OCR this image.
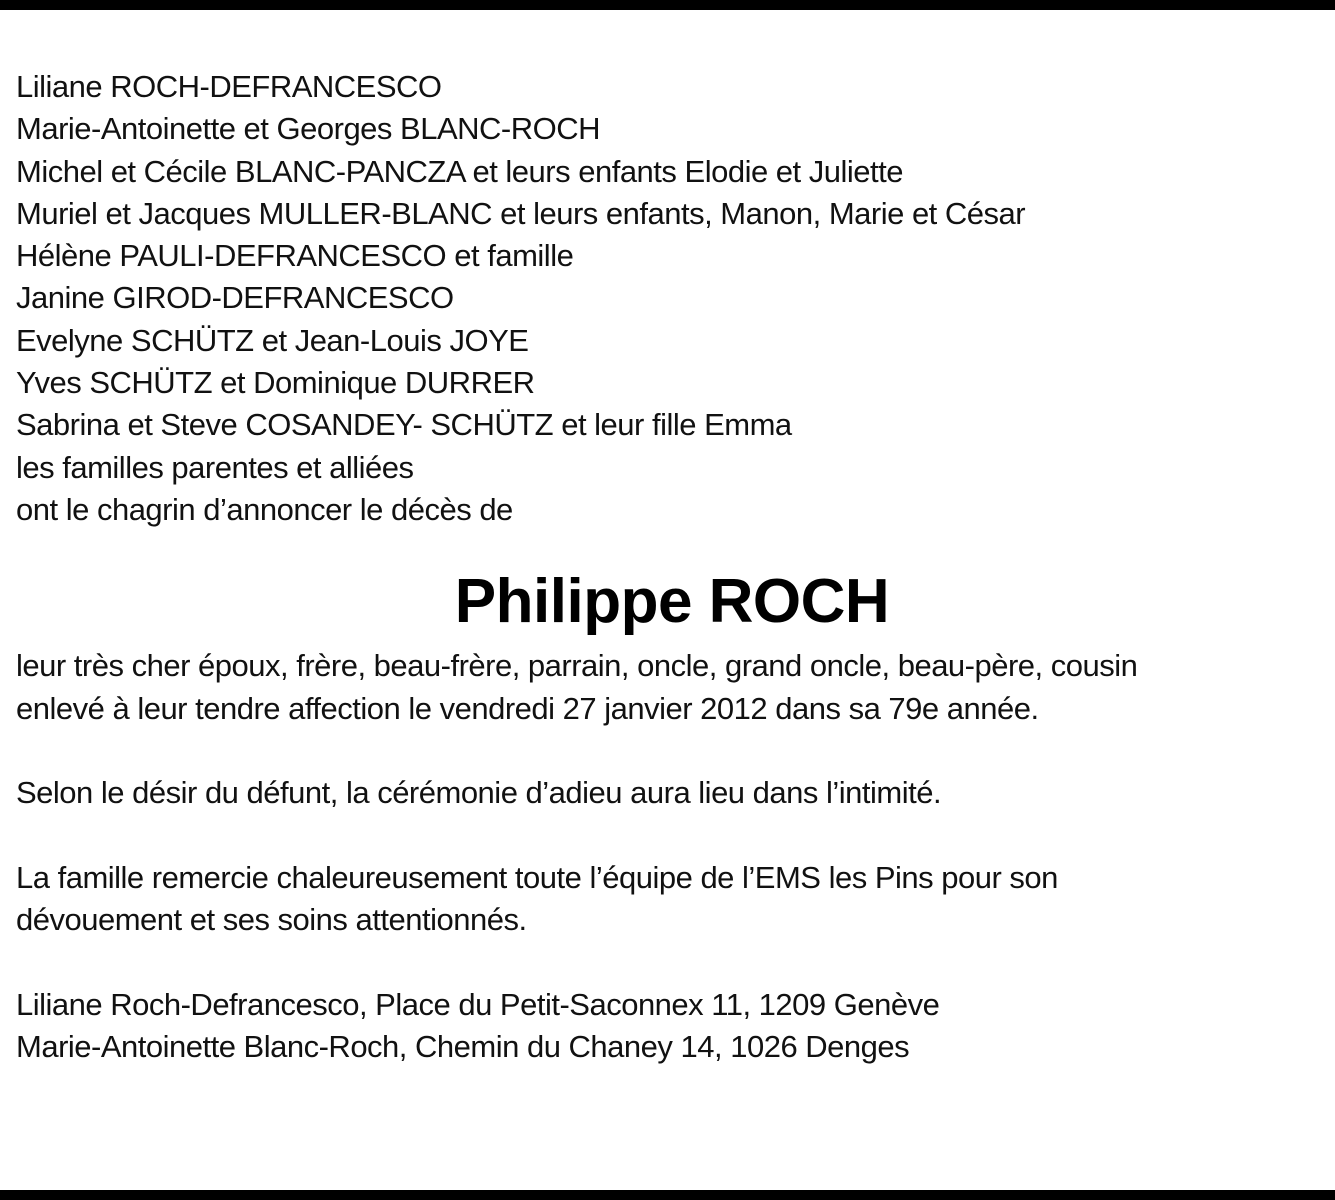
Liliane ROCH-DEFRANCESCO
Marie-Antoinette et Georges BLANC-ROCH
Michel et Cécile BLANC-PANCZA et leurs enfants Elodie et Juliette
Muriel et Jacques MULLER-BLANC et leurs enfants, Manon, Marie et César
Hélène PAULI-DEFRANCESCO et famille
Janine GIROD-DEFRANCESCO
Evelyne SCHÜTZ et Jean-Louis JOYE
Yves SCHÜTZ et Dominique DURRER
Sabrina et Steve COSANDEY- SCHÜTZ et leur fille Emma
les familles parentes et alliées
ont le chagrin d’annoncer le décès de
Philippe ROCH
leur très cher époux, frère, beau-frère, parrain, oncle, grand oncle, beau-père, cousin
enlevé à leur tendre affection le vendredi 27 janvier 2012 dans sa 79e année.
Selon le désir du défunt, la cérémonie d’adieu aura lieu dans l’intimité.
La famille remercie chaleureusement toute l’équipe de l’EMS les Pins pour son
dévouement et ses soins attentionnés.
Liliane Roch-Defrancesco, Place du Petit-Saconnex 11, 1209 Genève
Marie-Antoinette Blanc-Roch, Chemin du Chaney 14, 1026 Denges
